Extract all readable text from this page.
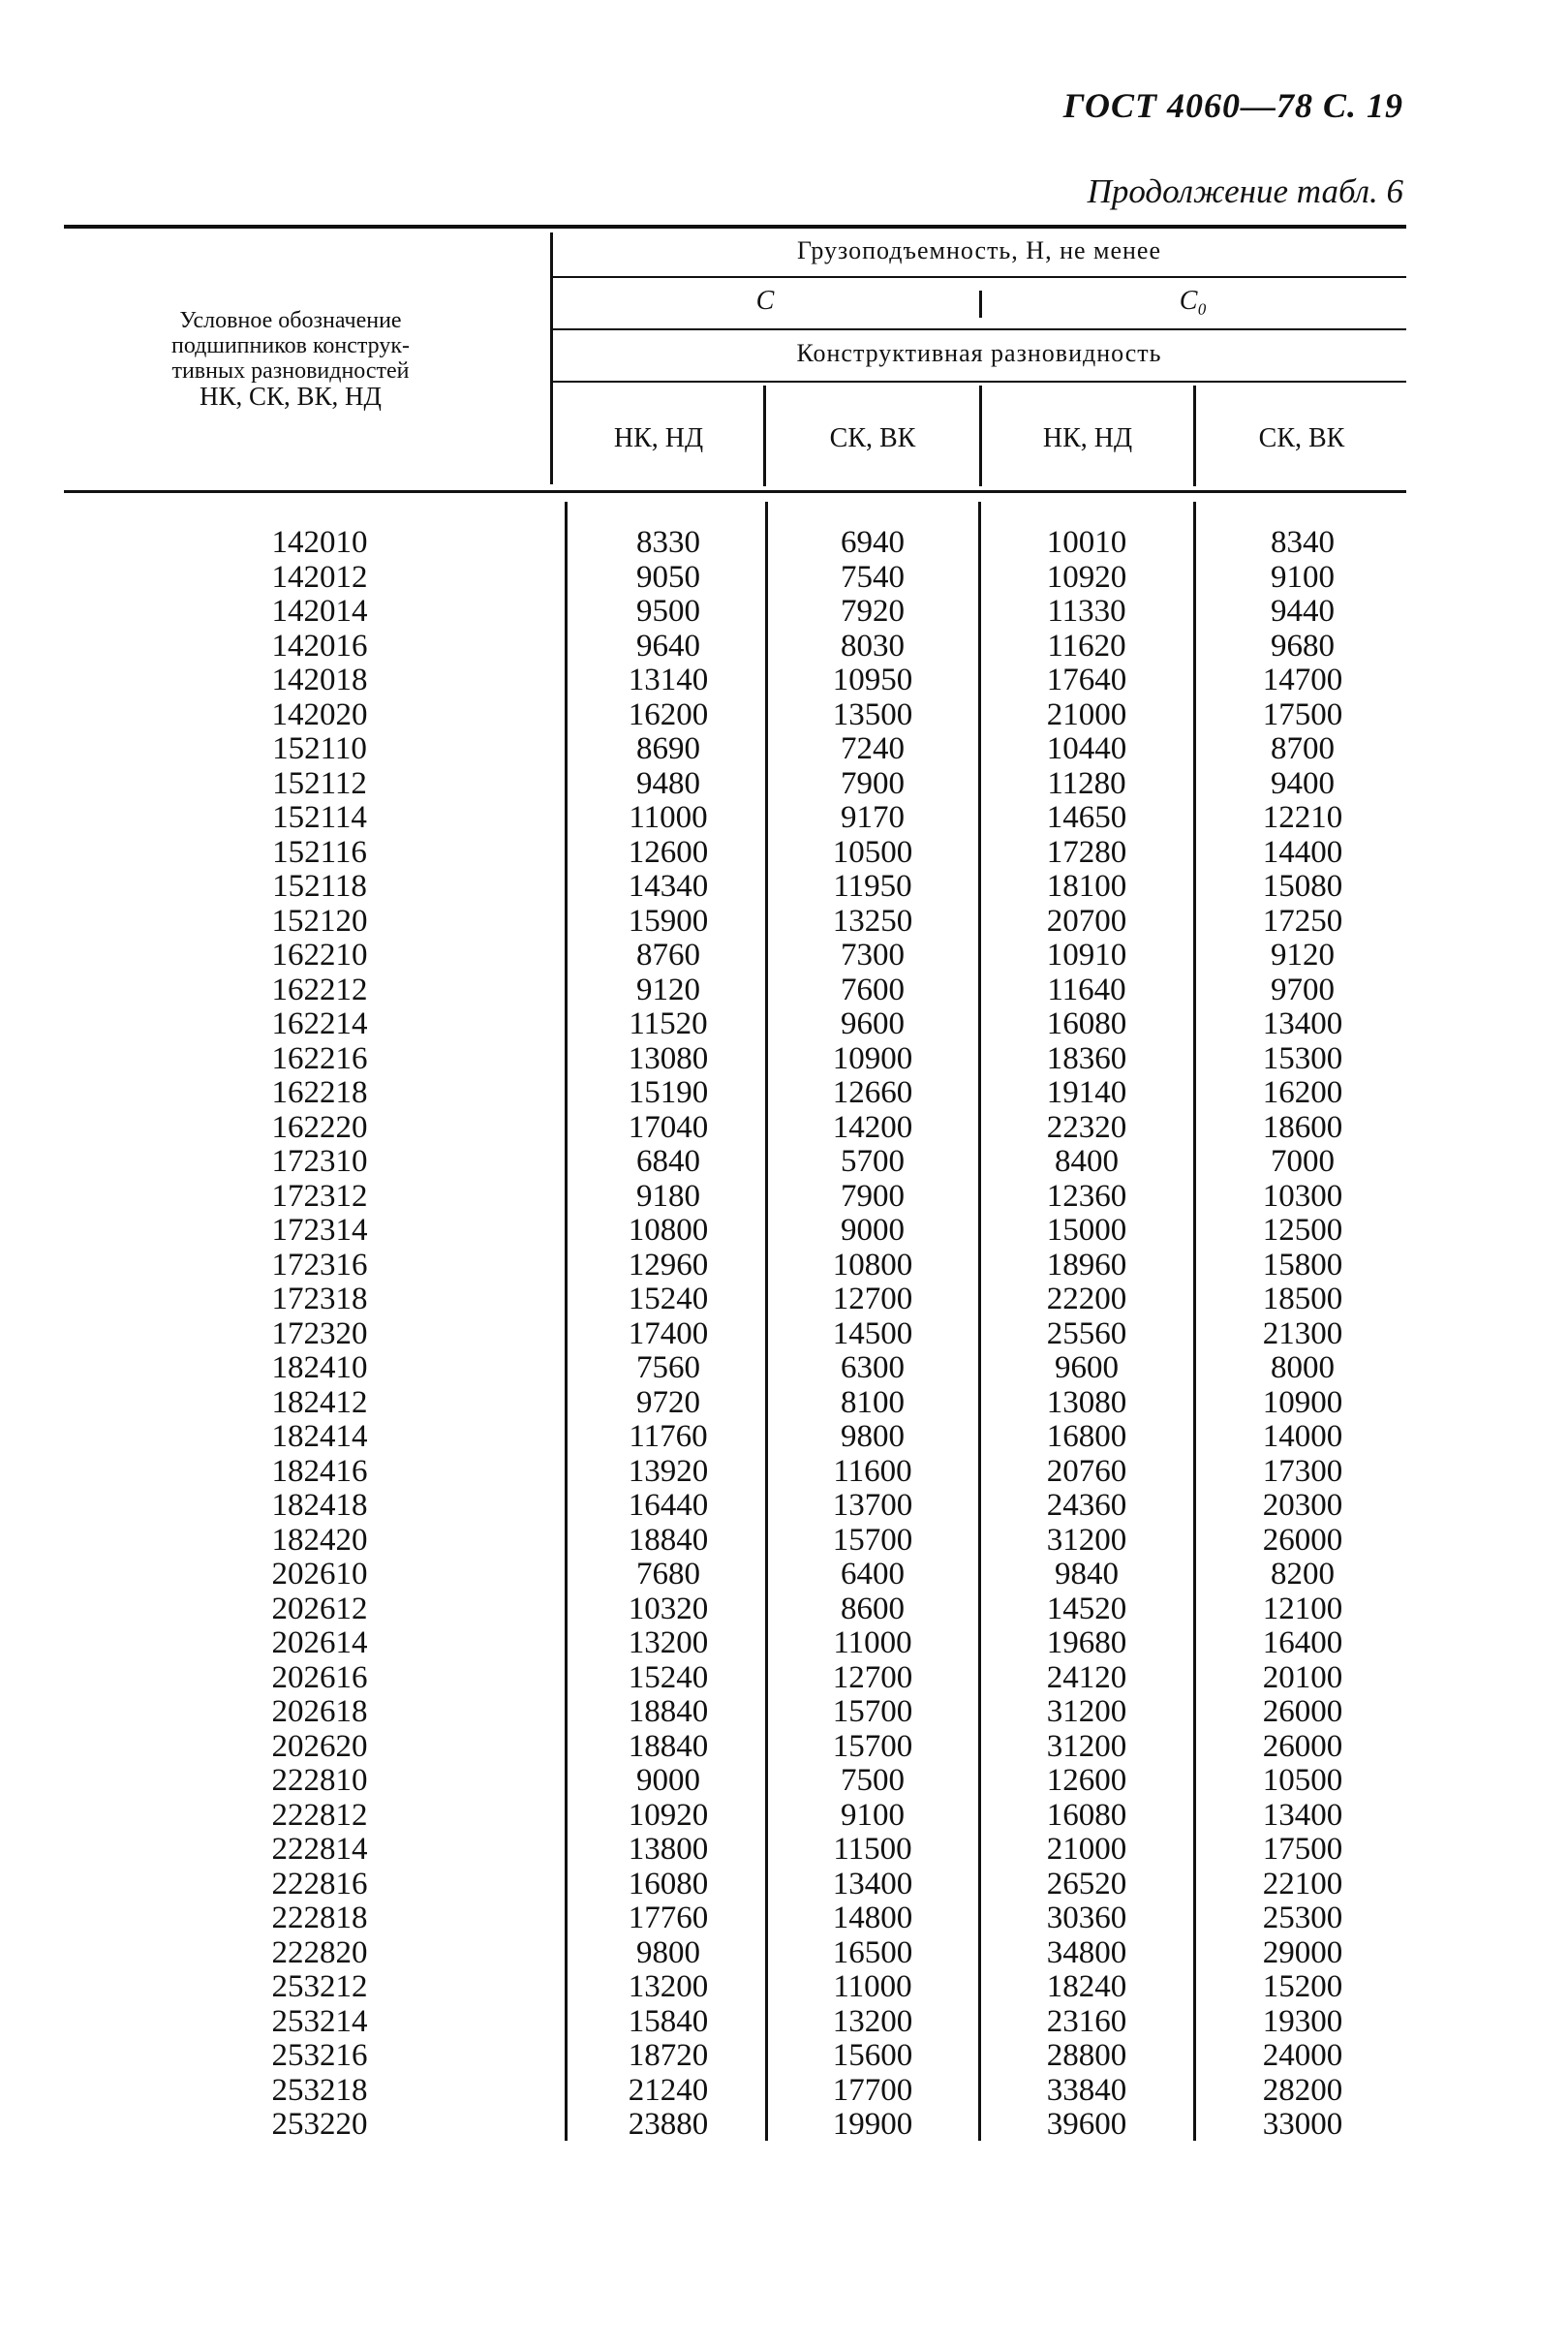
ГОСТ 4060—78 С. 19
Продолжение табл. 6
Условное обозначение
подшипников конструк-
тивных разновидностей
НК, СК, ВК, НД
Грузоподъемность, Н, не менее
C	C₀
Конструктивная разновидность
НК, НД	СК, ВК	НК, НД	СК, ВК
142010	8330	6940	10010	8340
142012	9050	7540	10920	9100
142014	9500	7920	11330	9440
142016	9640	8030	11620	9680
142018	13140	10950	17640	14700
142020	16200	13500	21000	17500
152110	8690	7240	10440	8700
152112	9480	7900	11280	9400
152114	11000	9170	14650	12210
152116	12600	10500	17280	14400
152118	14340	11950	18100	15080
152120	15900	13250	20700	17250
162210	8760	7300	10910	9120
162212	9120	7600	11640	9700
162214	11520	9600	16080	13400
162216	13080	10900	18360	15300
162218	15190	12660	19140	16200
162220	17040	14200	22320	18600
172310	6840	5700	8400	7000
172312	9180	7900	12360	10300
172314	10800	9000	15000	12500
172316	12960	10800	18960	15800
172318	15240	12700	22200	18500
172320	17400	14500	25560	21300
182410	7560	6300	9600	8000
182412	9720	8100	13080	10900
182414	11760	9800	16800	14000
182416	13920	11600	20760	17300
182418	16440	13700	24360	20300
182420	18840	15700	31200	26000
202610	7680	6400	9840	8200
202612	10320	8600	14520	12100
202614	13200	11000	19680	16400
202616	15240	12700	24120	20100
202618	18840	15700	31200	26000
202620	18840	15700	31200	26000
222810	9000	7500	12600	10500
222812	10920	9100	16080	13400
222814	13800	11500	21000	17500
222816	16080	13400	26520	22100
222818	17760	14800	30360	25300
222820	9800	16500	34800	29000
253212	13200	11000	18240	15200
253214	15840	13200	23160	19300
253216	18720	15600	28800	24000
253218	21240	17700	33840	28200
253220	23880	19900	39600	33000
